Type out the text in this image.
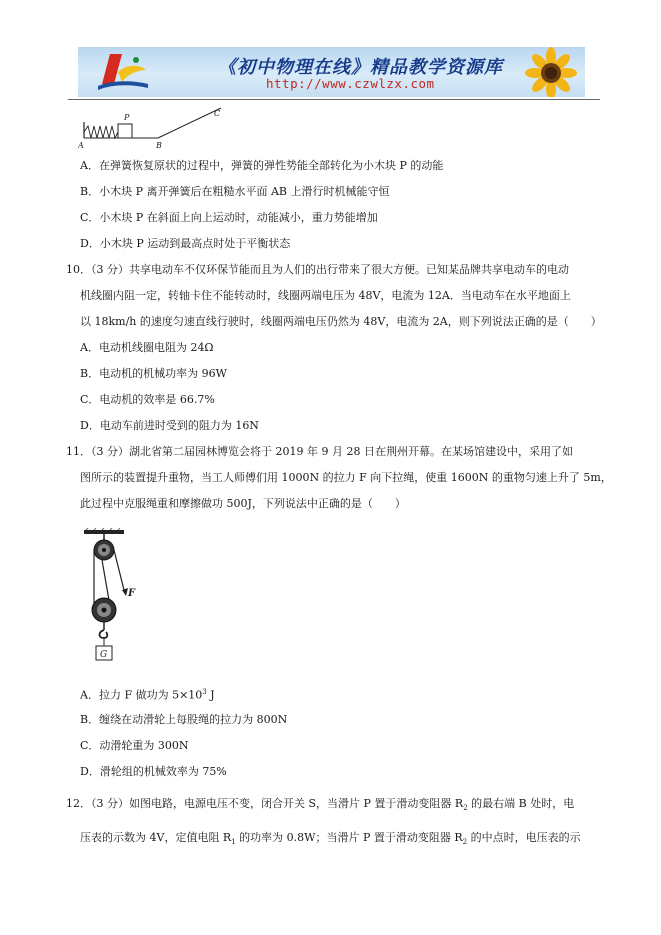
《初中物理在线》精品教学资源库
http://www.czwlzx.com
A
P
B
C
A．在弹簧恢复原状的过程中，弹簧的弹性势能全部转化为小木块 P 的动能
B．小木块 P 离开弹簧后在粗糙水平面 AB 上滑行时机械能守恒
C．小木块 P 在斜面上向上运动时，动能减小，重力势能增加
D．小木块 P 运动到最高点时处于平衡状态
10．（3 分）共享电动车不仅环保节能而且为人们的出行带来了很大方便。已知某品牌共享电动车的电动
机线圈内阻一定，转轴卡住不能转动时，线圈两端电压为 48V，电流为 12A．当电动车在水平地面上
以 18km/h 的速度匀速直线行驶时，线圈两端电压仍然为 48V，电流为 2A，则下列说法正确的是（　　）
A．电动机线圈电阻为 24Ω
B．电动机的机械功率为 96W
C．电动机的效率是 66.7%
D．电动车前进时受到的阻力为 16N
11．（3 分）湖北省第二届园林博览会将于 2019 年 9 月 28 日在荆州开幕。在某场馆建设中，采用了如
图所示的装置提升重物，当工人师傅们用 1000N 的拉力 F 向下拉绳，使重 1600N 的重物匀速上升了 5m，
此过程中克服绳重和摩擦做功 500J，下列说法中正确的是（　　）
F
G
A．拉力 F 做功为 $5\times 10^3$ J
B．缠绕在动滑轮上每股绳的拉力为 800N
C．动滑轮重为 300N
D．滑轮组的机械效率为 75%
12．（3 分）如图电路，电源电压不变，闭合开关 S，当滑片 P 置于滑动变阻器 $R_2$ 的最右端 B 处时，电
压表的示数为 4V，定值电阻 $R_1$ 的功率为 0.8W；当滑片 P 置于滑动变阻器 $R_2$ 的中点时，电压表的示
